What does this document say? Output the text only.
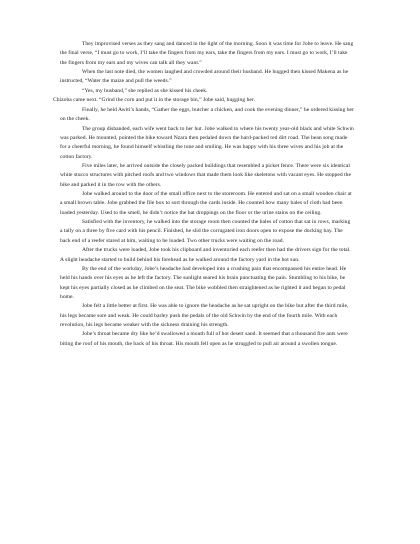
They improvised verses as they sang and danced in the light of the morning. Soon it was time for Jobe to leave. He sang the final verse, “I must go to work, I’ll take the fingers from my ears, take the fingers from my ears. I must go to work, I’ll take the fingers from my ears and my wives can talk all they want.”

When the last note died, the women laughed and crowded around their husband. He hugged then kissed Makena as he instructed, “Water the maize and pull the weeds.”

“Yes, my husband,” she replied as she kissed his cheek.

Chizoba came next. “Grind the corn and put it in the storage bin,” Jobe said, hugging her.

Finally, he held Awiti’s hands, “Gather the eggs, butcher a chicken, and cook the evening dinner,” he ordered kissing her on the cheek.

The group disbanded, each wife went back to her hut. Jobe walked to where his twenty year-old black and white Schwin was parked. He mounted, pointed the bike toward Nzara then pedaled down the hard-packed red dirt road. The bean song made for a cheerful morning, he found himself whistling the tune and smiling. He was happy with his three wives and his job at the cotton factory.

Five miles later, he arrived outside the closely packed buildings that resembled a picket fence. There were six identical white stucco structures with pitched roofs and two windows that made them look like skeletons with vacant eyes. He stopped the bike and parked it in the row with the others.

Jobe walked around to the door of the small office next to the storeroom. He entered and sat on a small wooden chair at a small brown table. Jobe grabbed the file box to sort through the cards inside. He counted how many bales of cloth had been loaded yesterday. Used to the smell, he didn’t notice the bat droppings on the floor or the urine stains on the ceiling.

Satisfied with the inventory, he walked into the storage room then counted the bales of cotton that sat in rows, marking a tally on a three by five card with his pencil. Finished, he slid the corrugated iron doors open to expose the docking bay. The back end of a reefer stared at him, waiting to be loaded. Two other trucks were waiting on the road.

After the trucks were loaded, Jobe took his clipboard and inventoried each reefer then had the drivers sign for the total. A slight headache started to build behind his forehead as he walked around the factory yard in the hot sun.

By the end of the workday, Jobe’s headache had developed into a crushing pain that encompassed his entire head. He held his hands over his eyes as he left the factory. The sunlight seared his brain punctuating the pain. Stumbling to his bike, he kept his eyes partially closed as he climbed on the seat. The bike wobbled then straightened as he righted it and began to pedal home.

Jobe felt a little better at first. He was able to ignore the headache as he sat upright on the bike but after the third mile, his legs became sore and weak. He could barley push the pedals of the old Schwin by the end of the fourth mile. With each revolution, his legs became weaker with the sickness draining his strength.

Jobe’s throat became dry like he’d swallowed a mouth full of hot desert sand. It seemed that a thousand fire ants were biting the roof of his mouth, the back of his throat. His mouth fell open as he struggled to pull air around a swollen tongue.
